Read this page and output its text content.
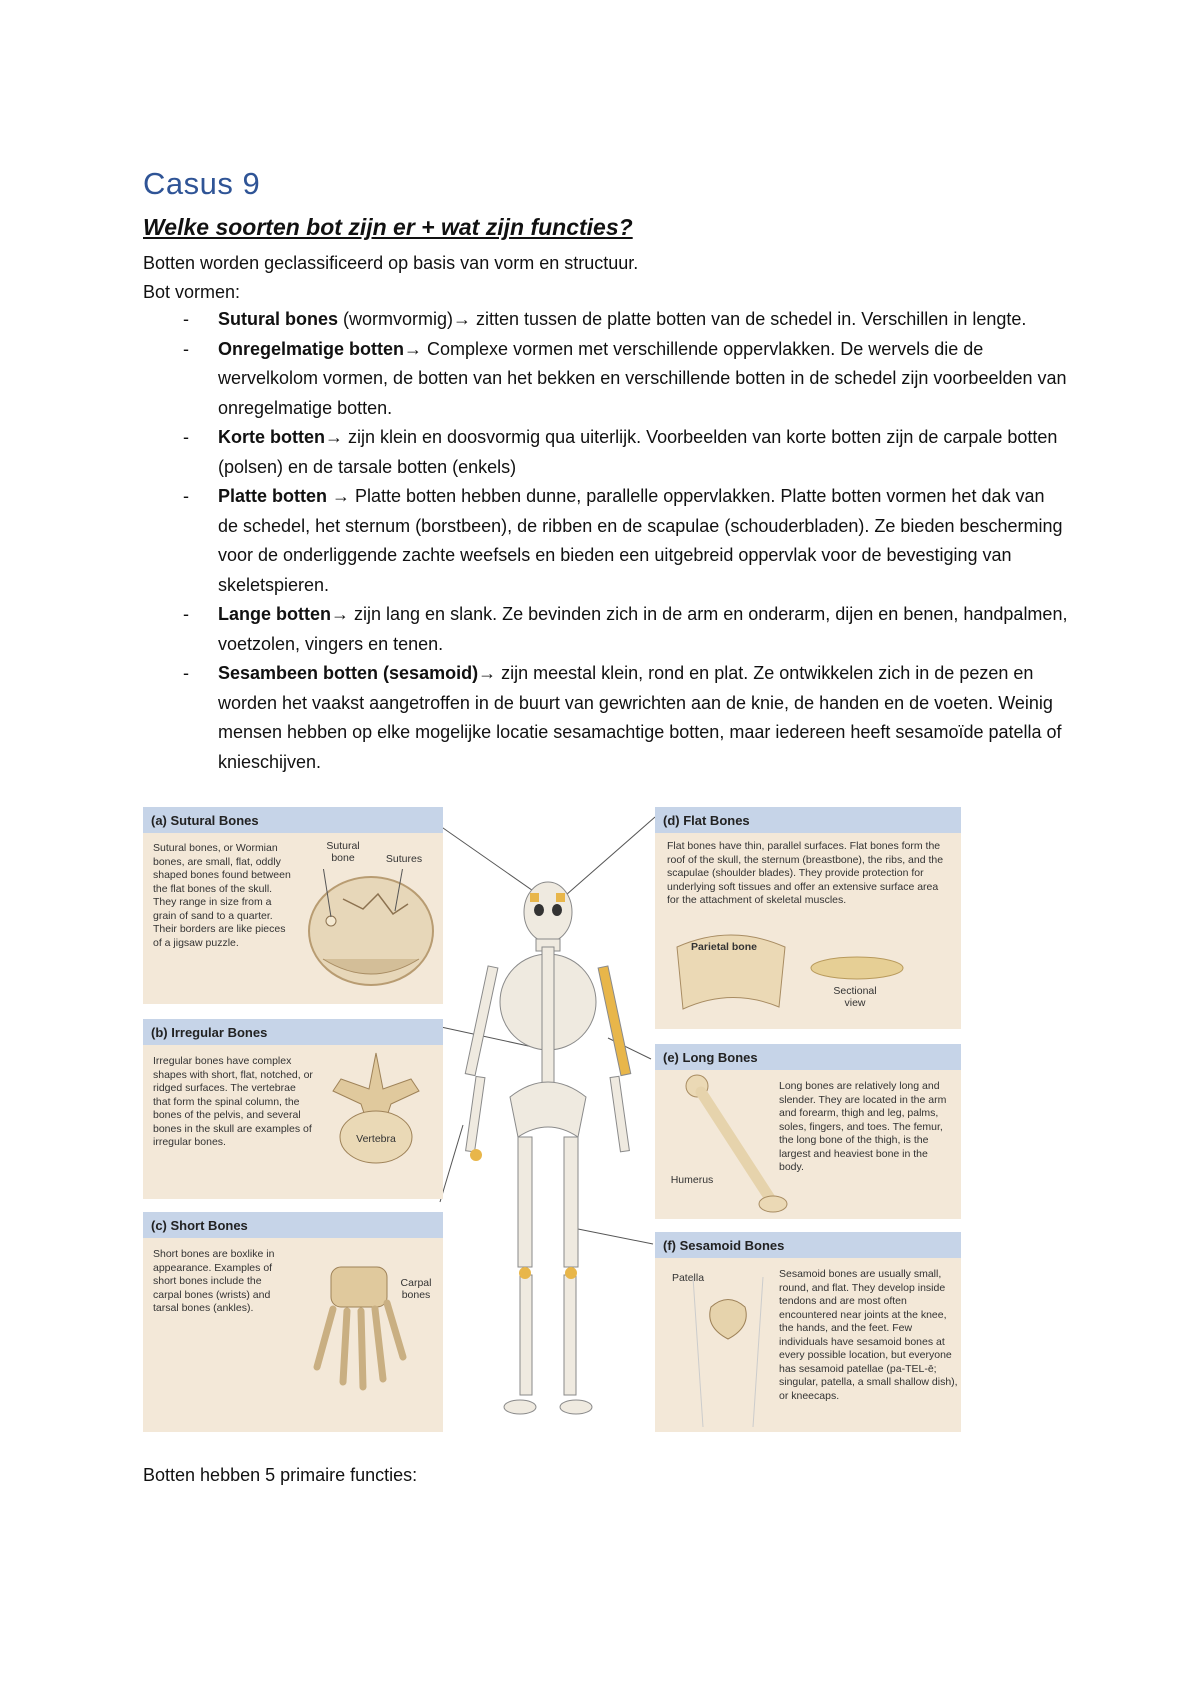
Casus 9
Welke soorten bot zijn er + wat zijn functies?
Botten worden geclassificeerd op basis van vorm en structuur.
Bot vormen:
- Sutural bones (wormvormig)→ zitten tussen de platte botten van de schedel in. Verschillen in lengte.
- Onregelmatige botten→ Complexe vormen met verschillende oppervlakken. De wervels die de wervelkolom vormen, de botten van het bekken en verschillende botten in de schedel zijn voorbeelden van onregelmatige botten.
- Korte botten→ zijn klein en doosvormig qua uiterlijk. Voorbeelden van korte botten zijn de carpale botten (polsen) en de tarsale botten (enkels)
- Platte botten → Platte botten hebben dunne, parallelle oppervlakken. Platte botten vormen het dak van de schedel, het sternum (borstbeen), de ribben en de scapulae (schouderbladen). Ze bieden bescherming voor de onderliggende zachte weefsels en bieden een uitgebreid oppervlak voor de bevestiging van skeletspieren.
- Lange botten→ zijn lang en slank. Ze bevinden zich in de arm en onderarm, dijen en benen, handpalmen, voetzolen, vingers en tenen.
- Sesambeen botten (sesamoid)→ zijn meestal klein, rond en plat. Ze ontwikkelen zich in de pezen en worden het vaakst aangetroffen in de buurt van gewrichten aan de knie, de handen en de voeten. Weinig mensen hebben op elke mogelijke locatie sesamachtige botten, maar iedereen heeft sesamoïde patella of knieschijven.
(a) Sutural Bones
Sutural bones, or Wormian bones, are small, flat, oddly shaped bones found between the flat bones of the skull. They range in size from a grain of sand to a quarter. Their borders are like pieces of a jigsaw puzzle.
Sutural bone	Sutures
(b) Irregular Bones
Irregular bones have complex shapes with short, flat, notched, or ridged surfaces. The vertebrae that form the spinal column, the bones of the pelvis, and several bones in the skull are examples of irregular bones.	Vertebra
(c) Short Bones
Short bones are boxlike in appearance. Examples of short bones include the carpal bones (wrists) and tarsal bones (ankles).
Carpal bones
(d) Flat Bones
Flat bones have thin, parallel surfaces. Flat bones form the roof of the skull, the sternum (breastbone), the ribs, and the scapulae (shoulder blades). They provide protection for underlying soft tissues and offer an extensive surface area for the attachment of skeletal muscles.
Parietal bone
Sectional view
(e) Long Bones
Humerus
Long bones are relatively long and slender. They are located in the arm and forearm, thigh and leg, palms, soles, fingers, and toes. The femur, the long bone of the thigh, is the largest and heaviest bone in the body.
(f) Sesamoid Bones
Patella	Sesamoid bones are usually small, round, and flat. They develop inside tendons and are most often encountered near joints at the knee, the hands, and the feet. Few individuals have sesamoid bones at every possible location, but everyone has sesamoid patellae (pa-TEL-ē; singular, patella, a small shallow dish), or kneecaps.
Botten hebben 5 primaire functies:
